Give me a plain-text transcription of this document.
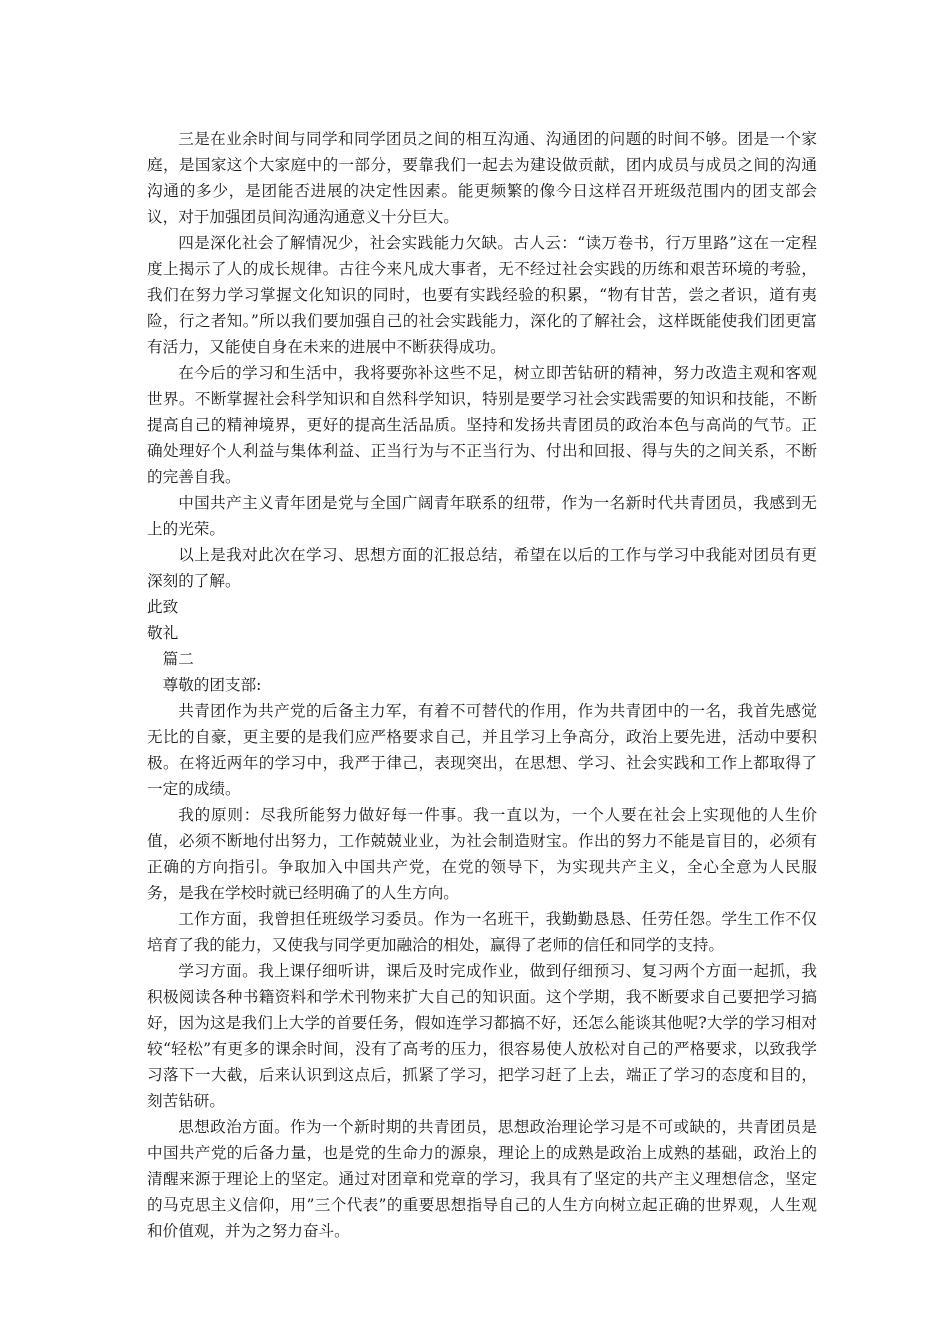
三是在业余时间与同学和同学团员之间的相互沟通、沟通团的问题的时间不够。团是一个家庭，是国家这个大家庭中的一部分，要靠我们一起去为建设做贡献，团内成员与成员之间的沟通沟通的多少，是团能否进展的决定性因素。能更频繁的像今日这样召开班级范围内的团支部会议，对于加强团员间沟通沟通意义十分巨大。

四是深化社会了解情况少，社会实践能力欠缺。古人云：“读万卷书，行万里路”这在一定程度上揭示了人的成长规律。古往今来凡成大事者，无不经过社会实践的历练和艰苦环境的考验，我们在努力学习掌握文化知识的同时，也要有实践经验的积累，“物有甘苦，尝之者识，道有夷险，行之者知。”所以我们要加强自己的社会实践能力，深化的了解社会，这样既能使我们团更富有活力，又能使自身在未来的进展中不断获得成功。

在今后的学习和生活中，我将要弥补这些不足，树立即苦钻研的精神，努力改造主观和客观世界。不断掌握社会科学知识和自然科学知识，特别是要学习社会实践需要的知识和技能，不断提高自己的精神境界，更好的提高生活品质。坚持和发扬共青团员的政治本色与高尚的气节。正确处理好个人利益与集体利益、正当行为与不正当行为、付出和回报、得与失的之间关系，不断的完善自我。

中国共产主义青年团是党与全国广阔青年联系的纽带，作为一名新时代共青团员，我感到无上的光荣。

以上是我对此次在学习、思想方面的汇报总结，希望在以后的工作与学习中我能对团员有更深刻的了解。

此致

敬礼

篇二

尊敬的团支部:

共青团作为共产党的后备主力军，有着不可替代的作用，作为共青团中的一名，我首先感觉无比的自豪，更主要的是我们应严格要求自己，并且学习上争高分，政治上要先进，活动中要积极。在将近两年的学习中，我严于律己，表现突出，在思想、学习、社会实践和工作上都取得了一定的成绩。

我的原则：尽我所能努力做好每一件事。我一直以为，一个人要在社会上实现他的人生价值，必须不断地付出努力，工作兢兢业业，为社会制造财宝。作出的努力不能是盲目的，必须有正确的方向指引。争取加入中国共产党，在党的领导下，为实现共产主义，全心全意为人民服务，是我在学校时就已经明确了的人生方向。

工作方面，我曾担任班级学习委员。作为一名班干，我勤勤恳恳、任劳任怨。学生工作不仅培育了我的能力，又使我与同学更加融洽的相处，赢得了老师的信任和同学的支持。

学习方面。我上课仔细听讲，课后及时完成作业，做到仔细预习、复习两个方面一起抓，我积极阅读各种书籍资料和学术刊物来扩大自己的知识面。这个学期，我不断要求自己要把学习搞好，因为这是我们上大学的首要任务，假如连学习都搞不好，还怎么能谈其他呢?大学的学习相对较“轻松”有更多的课余时间，没有了高考的压力，很容易使人放松对自己的严格要求，以致我学习落下一大截，后来认识到这点后，抓紧了学习，把学习赶了上去，端正了学习的态度和目的，刻苦钻研。

思想政治方面。作为一个新时期的共青团员，思想政治理论学习是不可或缺的，共青团员是中国共产党的后备力量，也是党的生命力的源泉，理论上的成熟是政治上成熟的基础，政治上的清醒来源于理论上的坚定。通过对团章和党章的学习，我具有了坚定的共产主义理想信念，坚定的马克思主义信仰，用”三个代表”的重要思想指导自己的人生方向树立起正确的世界观，人生观和价值观，并为之努力奋斗。
